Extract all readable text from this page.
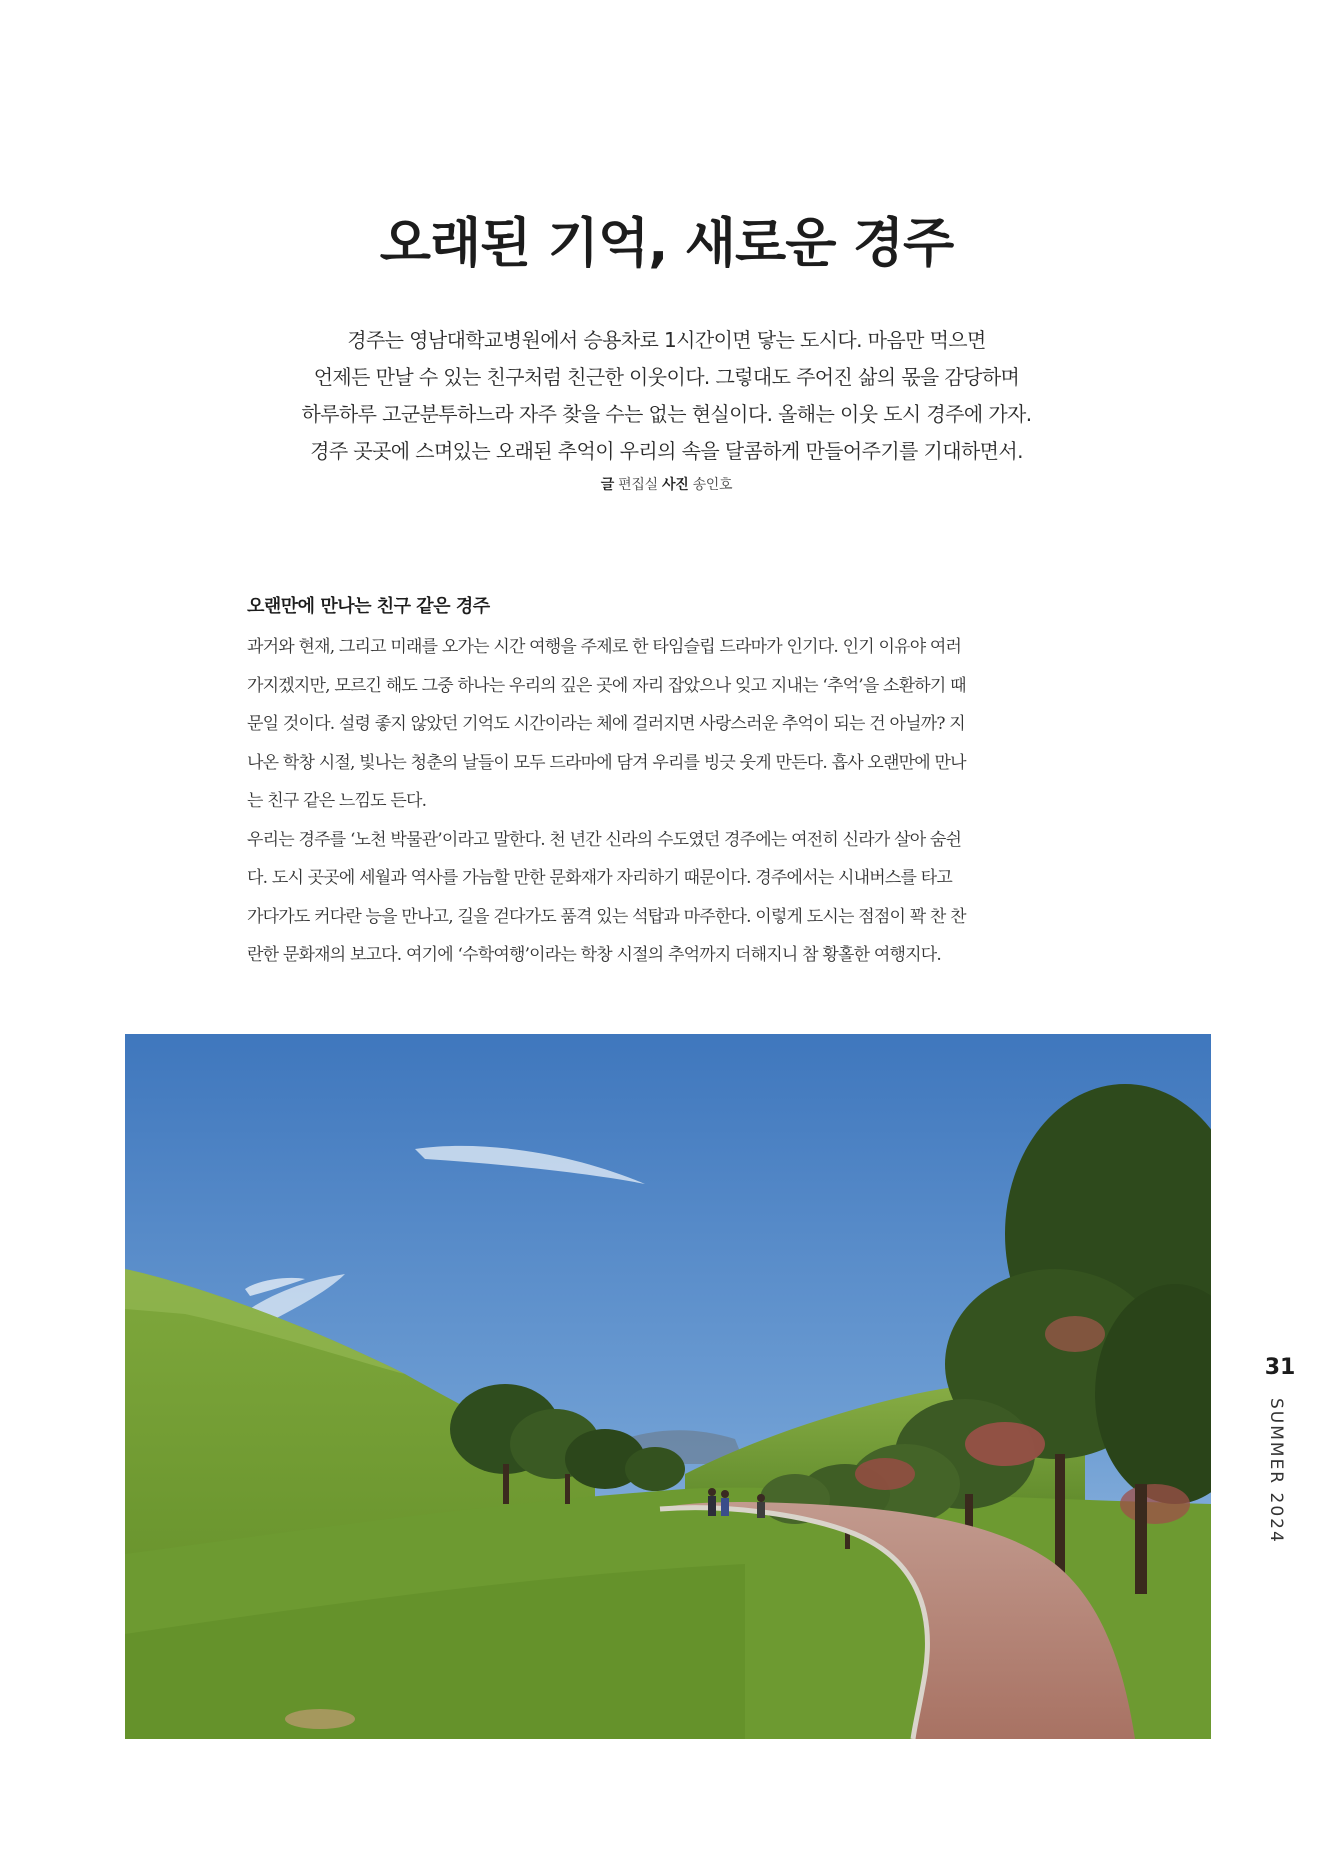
오래된 기억, 새로운 경주
경주는 영남대학교병원에서 승용차로 1시간이면 닿는 도시다. 마음만 먹으면
언제든 만날 수 있는 친구처럼 친근한 이웃이다. 그렇대도 주어진 삶의 몫을 감당하며
하루하루 고군분투하느라 자주 찾을 수는 없는 현실이다. 올해는 이웃 도시 경주에 가자.
경주 곳곳에 스며있는 오래된 추억이 우리의 속을 달콤하게 만들어주기를 기대하면서.
글 편집실 사진 송인호
오랜만에 만나는 친구 같은 경주

과거와 현재, 그리고 미래를 오가는 시간 여행을 주제로 한 타임슬립 드라마가 인기다. 인기 이유야 여러
가지겠지만, 모르긴 해도 그중 하나는 우리의 깊은 곳에 자리 잡았으나 잊고 지내는 ‘추억’을 소환하기 때
문일 것이다. 설령 좋지 않았던 기억도 시간이라는 체에 걸러지면 사랑스러운 추억이 되는 건 아닐까? 지
나온 학창 시절, 빛나는 청춘의 날들이 모두 드라마에 담겨 우리를 빙긋 웃게 만든다. 흡사 오랜만에 만나
는 친구 같은 느낌도 든다.

우리는 경주를 ‘노천 박물관’이라고 말한다. 천 년간 신라의 수도였던 경주에는 여전히 신라가 살아 숨쉰
다. 도시 곳곳에 세월과 역사를 가늠할 만한 문화재가 자리하기 때문이다. 경주에서는 시내버스를 타고
가다가도 커다란 능을 만나고, 길을 걷다가도 품격 있는 석탑과 마주한다. 이렇게 도시는 점점이 꽉 찬 찬
란한 문화재의 보고다. 여기에 ‘수학여행’이라는 학창 시절의 추억까지 더해지니 참 황홀한 여행지다.

31
SUMMER 2024
